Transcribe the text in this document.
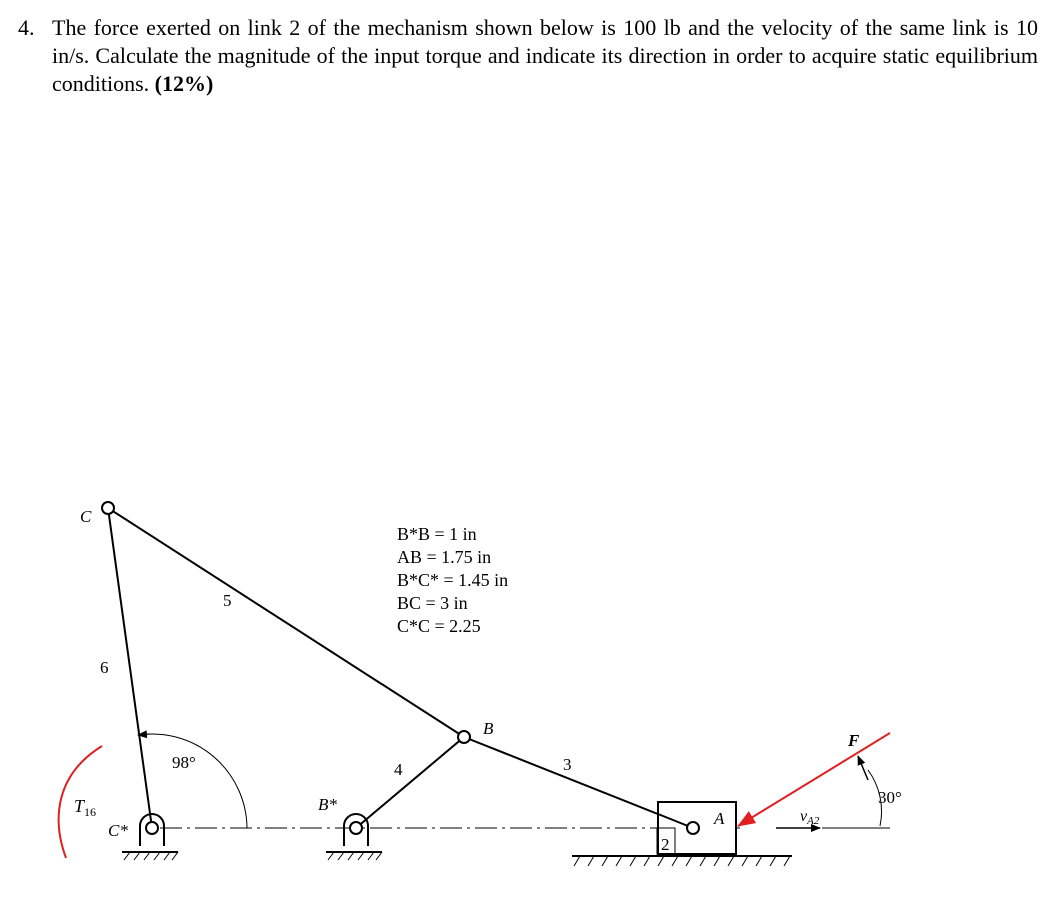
4. The force exerted on link 2 of the mechanism shown below is 100 lb and the velocity of the same link is 10 in/s. Calculate the magnitude of the input torque and indicate its direction in order to acquire static equilibrium conditions. (12%)
C
6
5
98°
$T_{16}$
C*
B*
4
B
3
2
A	vA2
F
30°
B*B = 1 in
AB = 1.75 in
B*C* = 1.45 in
BC = 3 in
C*C = 2.25
